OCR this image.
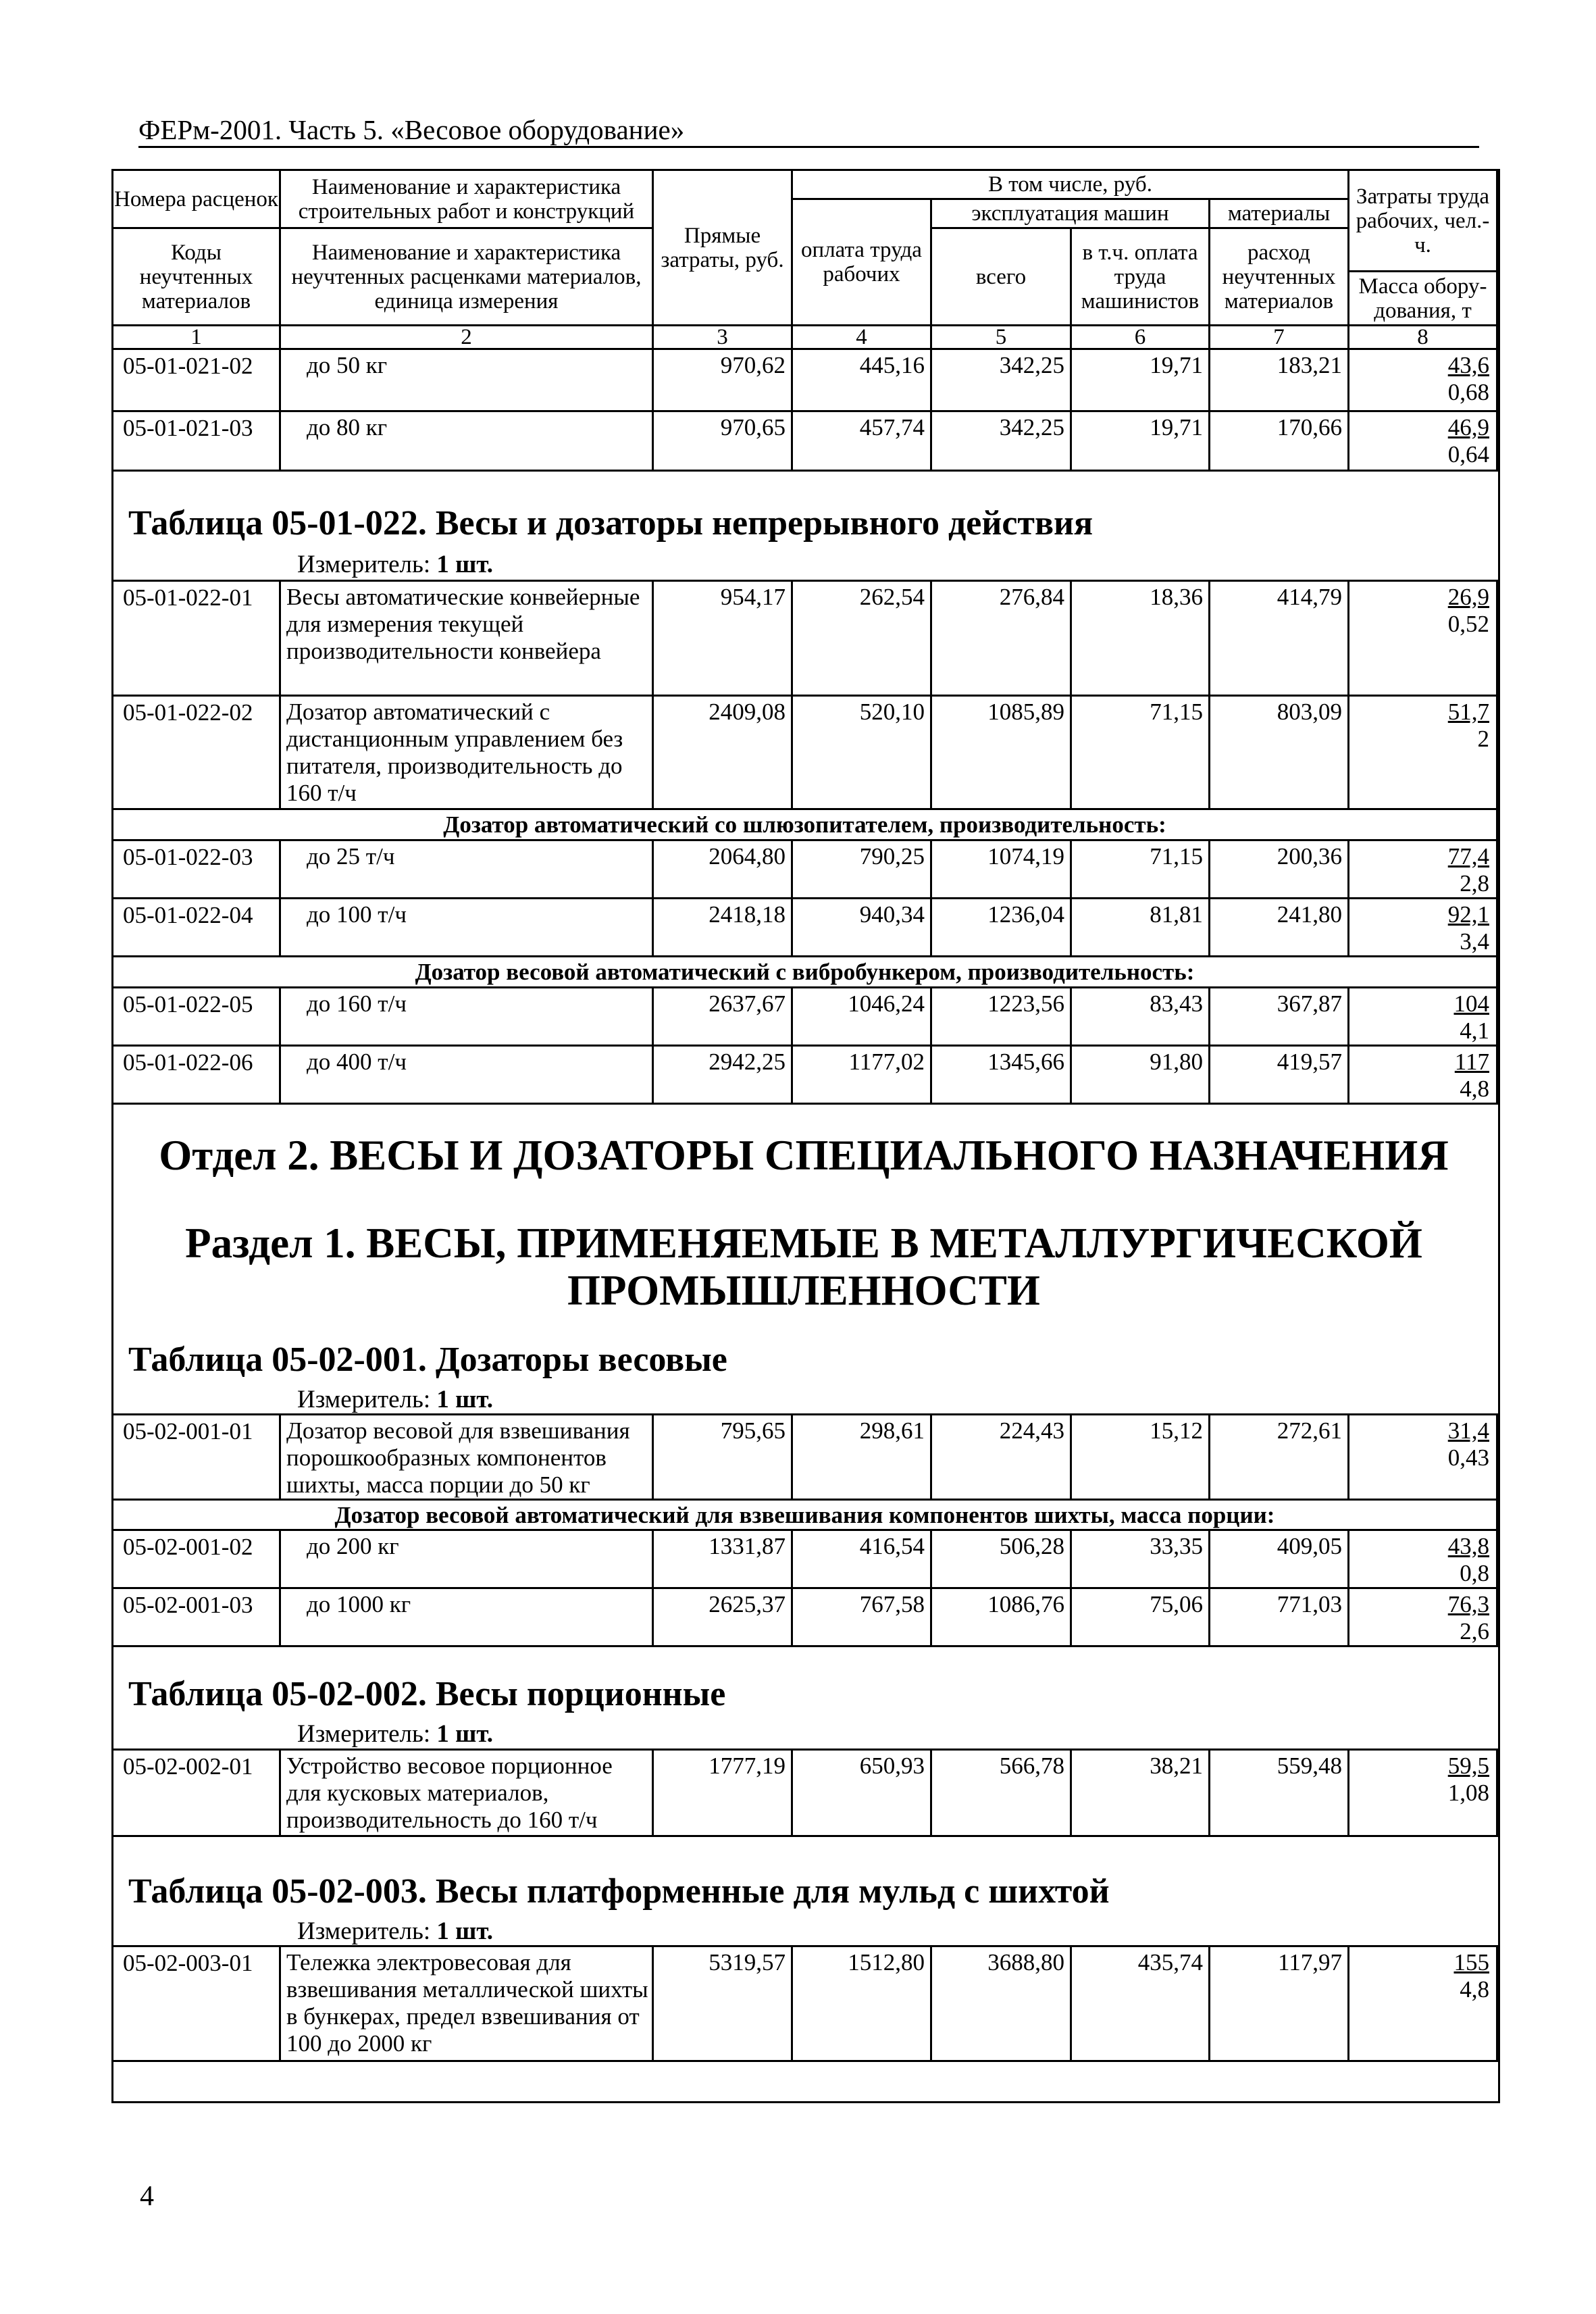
ФЕРм-2001. Часть 5. «Весовое оборудование»
Номера расценок	Наименование и характеристика строительных работ и конструкций	Прямые затраты, руб.	В том числе, руб.				Затраты труда рабочих, чел.-ч.
			оплата труда рабочих	эксплуатация машин		материалы	
Коды неучтенных материалов	Наименование и характеристика неучтенных расценками материалов, единица измерения			всего	в т.ч. оплата труда машинистов	расход неучтенных материалов	
							Масса обору-дования, т

1	2	3	4	5	6	7	8
05-01-021-02	до 50 кг	970,62	445,16	342,25	19,71	183,21	43,6
0,68

05-01-021-03	до 80 кг	970,65	457,74	342,25	19,71	170,66	46,9
0,64
Таблица 05-01-022. Весы и дозаторы непрерывного действия
Измеритель: 1 шт.
05-01-022-01	Весы автоматические конвейерные для измерения текущей производительности конвейера	954,17	262,54	276,84	18,36	414,79	26,9
0,52

05-01-022-02	Дозатор автоматический с дистанционным управлением без питателя, производительность до 160 т/ч	2409,08	520,10	1085,89	71,15	803,09	51,7
2

Дозатор автоматический со шлюзопитателем, производительность:							
05-01-022-03	до 25 т/ч	2064,80	790,25	1074,19	71,15	200,36	77,4
2,8

05-01-022-04	до 100 т/ч	2418,18	940,34	1236,04	81,81	241,80	92,1
3,4

Дозатор весовой автоматический с вибробункером, производительность:							
05-01-022-05	до 160 т/ч	2637,67	1046,24	1223,56	83,43	367,87	104
4,1

05-01-022-06	до 400 т/ч	2942,25	1177,02	1345,66	91,80	419,57	117
4,8
Отдел 2. ВЕСЫ И ДОЗАТОРЫ СПЕЦИАЛЬНОГО НАЗНАЧЕНИЯ
Раздел 1. ВЕСЫ, ПРИМЕНЯЕМЫЕ В МЕТАЛЛУРГИЧЕСКОЙ
ПРОМЫШЛЕННОСТИ
Таблица 05-02-001. Дозаторы весовые
Измеритель: 1 шт.
05-02-001-01	Дозатор весовой для взвешивания порошкообразных компонентов шихты, масса порции до 50 кг	795,65	298,61	224,43	15,12	272,61	31,4
0,43

Дозатор весовой автоматический для взвешивания компонентов шихты, масса порции:							
05-02-001-02	до 200 кг	1331,87	416,54	506,28	33,35	409,05	43,8
0,8

05-02-001-03	до 1000 кг	2625,37	767,58	1086,76	75,06	771,03	76,3
2,6
Таблица 05-02-002. Весы порционные
Измеритель: 1 шт.
05-02-002-01	Устройство весовое порционное для кусковых материалов, производительность до 160 т/ч	1777,19	650,93	566,78	38,21	559,48	59,5
1,08
Таблица 05-02-003. Весы платформенные для мульд с шихтой
Измеритель: 1 шт.
05-02-003-01	Тележка электровесовая для взвешивания металлической шихты в бункерах, предел взвешивания от 100 до 2000 кг	5319,57	1512,80	3688,80	435,74	117,97	155
4,8
4
